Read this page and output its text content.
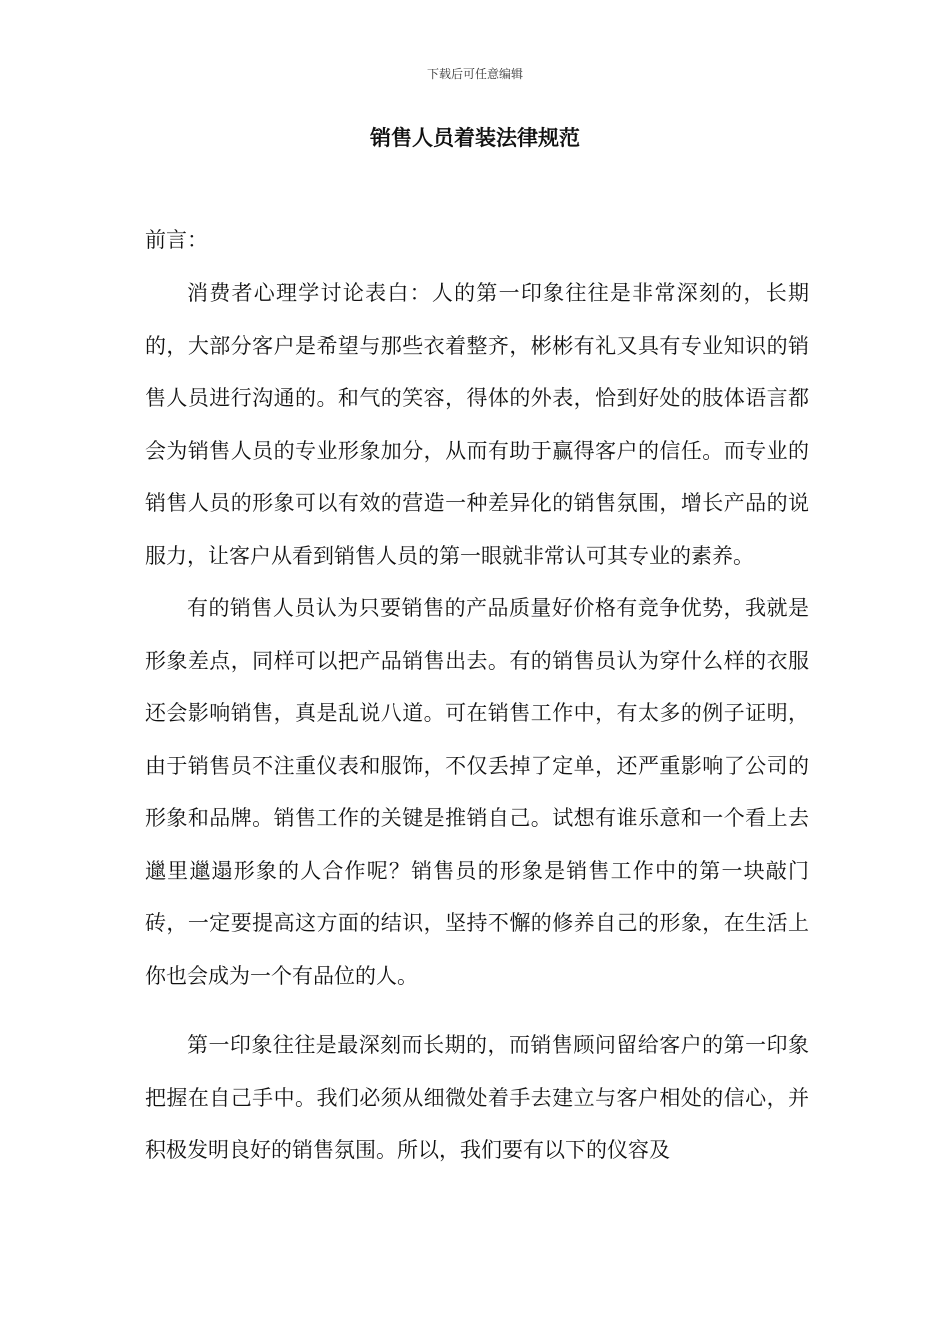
下载后可任意编辑
销售人员着装法律规范

前言：

消费者心理学讨论表白：人的第一印象往往是非常深刻的，长期的，大部分客户是希望与那些衣着整齐，彬彬有礼又具有专业知识的销售人员进行沟通的。和气的笑容，得体的外表，恰到好处的肢体语言都会为销售人员的专业形象加分，从而有助于赢得客户的信任。而专业的销售人员的形象可以有效的营造一种差异化的销售氛围，增长产品的说服力，让客户从看到销售人员的第一眼就非常认可其专业的素养。

有的销售人员认为只要销售的产品质量好价格有竞争优势，我就是形象差点，同样可以把产品销售出去。有的销售员认为穿什么样的衣服还会影响销售，真是乱说八道。可在销售工作中，有太多的例子证明，由于销售员不注重仪表和服饰，不仅丢掉了定单，还严重影响了公司的形象和品牌。销售工作的关键是推销自己。试想有谁乐意和一个看上去邋里邋遢形象的人合作呢？销售员的形象是销售工作中的第一块敲门砖，一定要提高这方面的结识，坚持不懈的修养自己的形象，在生活上你也会成为一个有品位的人。

第一印象往往是最深刻而长期的，而销售顾问留给客户的第一印象把握在自己手中。我们必须从细微处着手去建立与客户相处的信心，并积极发明良好的销售氛围。所以，我们要有以下的仪容及
